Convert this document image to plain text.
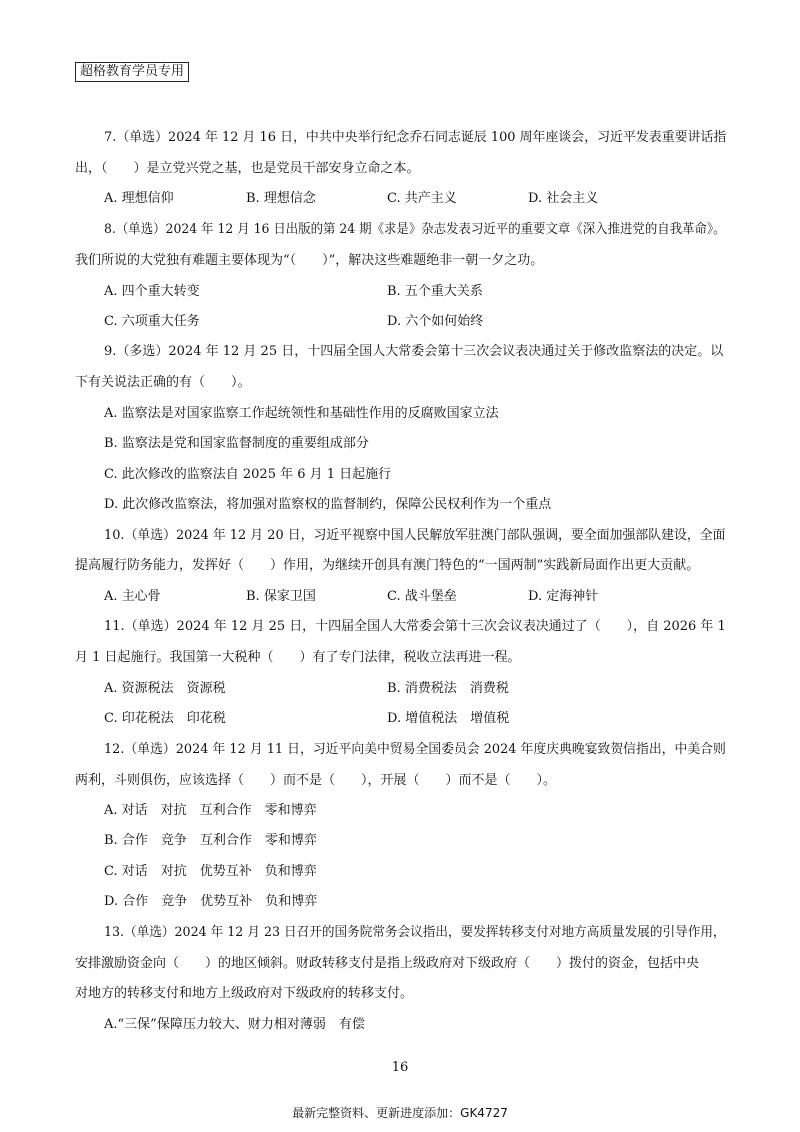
超格教育学员专用
7.（单选）2024 年 12 月 16 日，中共中央举行纪念乔石同志诞辰 100 周年座谈会，习近平发表重要讲话指
出，（　　）是立党兴党之基，也是党员干部安身立命之本。
A. 理想信仰	B. 理想信念	C. 共产主义	D. 社会主义
8.（单选）2024 年 12 月 16 日出版的第 24 期《求是》杂志发表习近平的重要文章《深入推进党的自我革命》。
我们所说的大党独有难题主要体现为“（　　）”，解决这些难题绝非一朝一夕之功。
A. 四个重大转变	B. 五个重大关系
C. 六项重大任务	D. 六个如何始终
9.（多选）2024 年 12 月 25 日，十四届全国人大常委会第十三次会议表决通过关于修改监察法的决定。以
下有关说法正确的有（　　）。
A. 监察法是对国家监察工作起统领性和基础性作用的反腐败国家立法
B. 监察法是党和国家监督制度的重要组成部分
C. 此次修改的监察法自 2025 年 6 月 1 日起施行
D. 此次修改监察法，将加强对监察权的监督制约，保障公民权利作为一个重点
10.（单选）2024 年 12 月 20 日，习近平视察中国人民解放军驻澳门部队强调，要全面加强部队建设，全面
提高履行防务能力，发挥好（　　）作用，为继续开创具有澳门特色的“一国两制”实践新局面作出更大贡献。
A. 主心骨	B. 保家卫国	C. 战斗堡垒	D. 定海神针
11.（单选）2024 年 12 月 25 日，十四届全国人大常委会第十三次会议表决通过了（　　），自 2026 年 1
月 1 日起施行。我国第一大税种（　　）有了专门法律，税收立法再进一程。
A. 资源税法　资源税	B. 消费税法　消费税
C. 印花税法　印花税	D. 增值税法　增值税
12.（单选）2024 年 12 月 11 日，习近平向美中贸易全国委员会 2024 年度庆典晚宴致贺信指出，中美合则
两利，斗则俱伤，应该选择（　　）而不是（　　），开展（　　）而不是（　　）。
A. 对话　对抗　互利合作　零和博弈
B. 合作　竞争　互利合作　零和博弈
C. 对话　对抗　优势互补　负和博弈
D. 合作　竞争　优势互补　负和博弈
13.（单选）2024 年 12 月 23 日召开的国务院常务会议指出，要发挥转移支付对地方高质量发展的引导作用，
安排激励资金向（　　）的地区倾斜。财政转移支付是指上级政府对下级政府（　　）拨付的资金，包括中央
对地方的转移支付和地方上级政府对下级政府的转移支付。
A.“三保”保障压力较大、财力相对薄弱　有偿
16
最新完整资料、更新进度添加：GK4727
